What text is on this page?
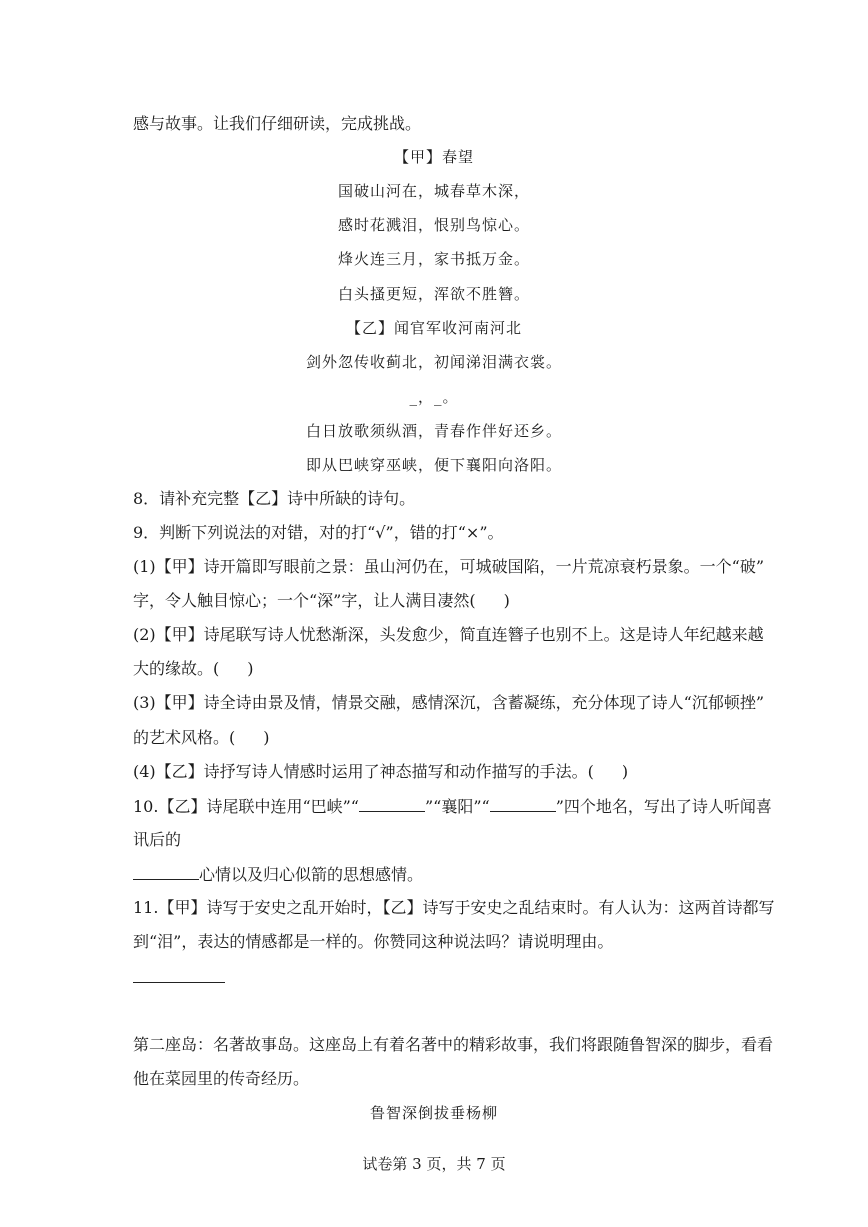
感与故事。让我们仔细研读，完成挑战。
【甲】春望
国破山河在，城春草木深，
感时花溅泪，恨别鸟惊心。
烽火连三月，家书抵万金。
白头搔更短，浑欲不胜簪。
【乙】闻官军收河南河北
剑外忽传收蓟北，初闻涕泪满衣裳。
_，_。
白日放歌须纵酒，青春作伴好还乡。
即从巴峡穿巫峡，便下襄阳向洛阳。
8．请补充完整【乙】诗中所缺的诗句。
9．判断下列说法的对错，对的打“√”，错的打“×”。
(1)【甲】诗开篇即写眼前之景：虽山河仍在，可城破国陷，一片荒凉衰朽景象。一个“破”
字，令人触目惊心；一个“深”字，让人满目凄然( )
(2)【甲】诗尾联写诗人忧愁渐深，头发愈少，简直连簪子也别不上。这是诗人年纪越来越
大的缘故。( )
(3)【甲】诗全诗由景及情，情景交融，感情深沉，含蓄凝练，充分体现了诗人“沉郁顿挫”
的艺术风格。( )
(4)【乙】诗抒写诗人情感时运用了神态描写和动作描写的手法。( )
10.【乙】诗尾联中连用“巴峡”“	”“襄阳”“	”四个地名，写出了诗人听闻喜
讯后的
心情以及归心似箭的思想感情。
11.【甲】诗写于安史之乱开始时，【乙】诗写于安史之乱结束时。有人认为：这两首诗都写
到“泪”，表达的情感都是一样的。你赞同这种说法吗？请说明理由。
第二座岛：名著故事岛。这座岛上有着名著中的精彩故事，我们将跟随鲁智深的脚步，看看
他在菜园里的传奇经历。
鲁智深倒拔垂杨柳
试卷第 3 页，共 7 页
